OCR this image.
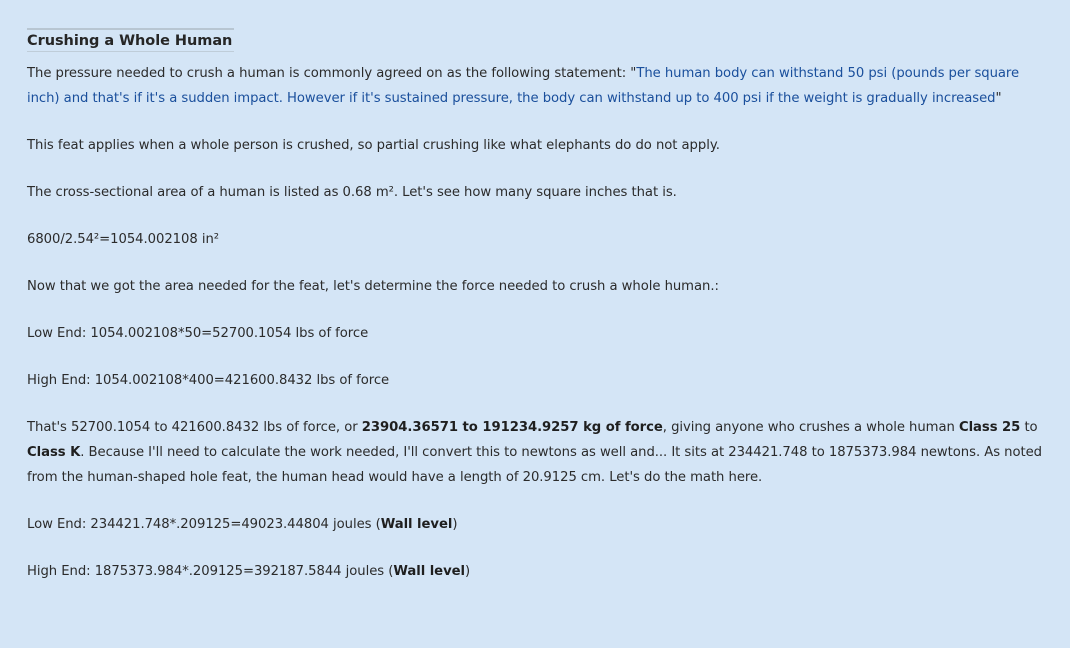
Crushing a Whole Human

The pressure needed to crush a human is commonly agreed on as the following statement: "The human body can withstand 50 psi (pounds per square inch) and that's if it's a sudden impact. However if it's sustained pressure, the body can withstand up to 400 psi if the weight is gradually increased"

This feat applies when a whole person is crushed, so partial crushing like what elephants do do not apply.

The cross-sectional area of a human is listed as 0.68 m². Let's see how many square inches that is.

6800/2.54²=1054.002108 in²

Now that we got the area needed for the feat, let's determine the force needed to crush a whole human.:

Low End: 1054.002108*50=52700.1054 lbs of force

High End: 1054.002108*400=421600.8432 lbs of force

That's 52700.1054 to 421600.8432 lbs of force, or 23904.36571 to 191234.9257 kg of force, giving anyone who crushes a whole human Class 25 to Class K. Because I'll need to calculate the work needed, I'll convert this to newtons as well and... It sits at 234421.748 to 1875373.984 newtons. As noted from the human-shaped hole feat, the human head would have a length of 20.9125 cm. Let's do the math here.

Low End: 234421.748*.209125=49023.44804 joules (Wall level)

High End: 1875373.984*.209125=392187.5844 joules (Wall level)
